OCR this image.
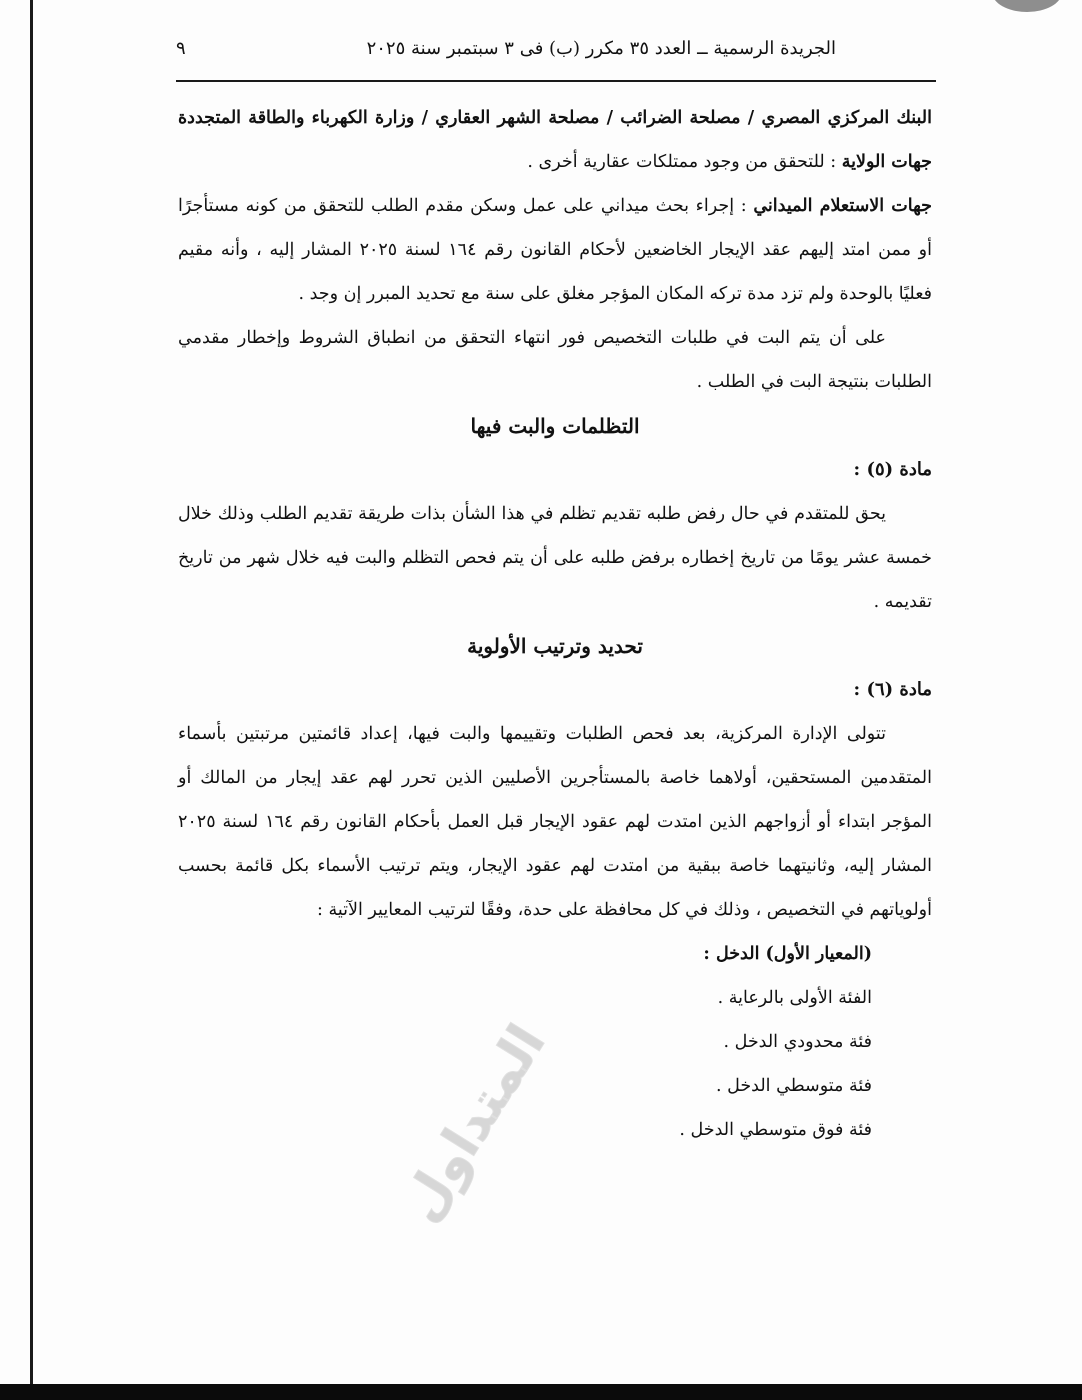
الجريدة الرسمية ــ العدد ٣٥ مكرر (ب) فى ٣ سبتمبر سنة ٢٠٢٥
٩

البنك المركزي المصري / مصلحة الضرائب / مصلحة الشهر العقاري / وزارة الكهرباء والطاقة المتجددة جهات الولاية : للتحقق من وجود ممتلكات عقارية أخرى .

جهات الاستعلام الميداني : إجراء بحث ميداني على عمل وسكن مقدم الطلب للتحقق من كونه مستأجرًا أو ممن امتد إليهم عقد الإيجار الخاضعين لأحكام القانون رقم ١٦٤ لسنة ٢٠٢٥ المشار إليه ، وأنه مقيم فعليًا بالوحدة ولم تزد مدة تركه المكان المؤجر مغلق على سنة مع تحديد المبرر إن وجد .

على أن يتم البت في طلبات التخصيص فور انتهاء التحقق من انطباق الشروط وإخطار مقدمي الطلبات بنتيجة البت في الطلب .

التظلمات والبت فيها

مادة (٥) :

يحق للمتقدم في حال رفض طلبه تقديم تظلم في هذا الشأن بذات طريقة تقديم الطلب وذلك خلال خمسة عشر يومًا من تاريخ إخطاره برفض طلبه على أن يتم فحص التظلم والبت فيه خلال شهر من تاريخ تقديمه .

تحديد وترتيب الأولوية

مادة (٦) :

تتولى الإدارة المركزية، بعد فحص الطلبات وتقييمها والبت فيها، إعداد قائمتين مرتبتين بأسماء المتقدمين المستحقين، أولاهما خاصة بالمستأجرين الأصليين الذين تحرر لهم عقد إيجار من المالك أو المؤجر ابتداء أو أزواجهم الذين امتدت لهم عقود الإيجار قبل العمل بأحكام القانون رقم ١٦٤ لسنة ٢٠٢٥ المشار إليه، وثانيتهما خاصة ببقية من امتدت لهم عقود الإيجار، ويتم ترتيب الأسماء بكل قائمة بحسب أولوياتهم في التخصيص ، وذلك في كل محافظة على حدة، وفقًا لترتيب المعايير الآتية :

(المعيار الأول) الدخل :

الفئة الأولى بالرعاية .

فئة محدودي الدخل .

فئة متوسطي الدخل .

فئة فوق متوسطي الدخل .

المتداول
